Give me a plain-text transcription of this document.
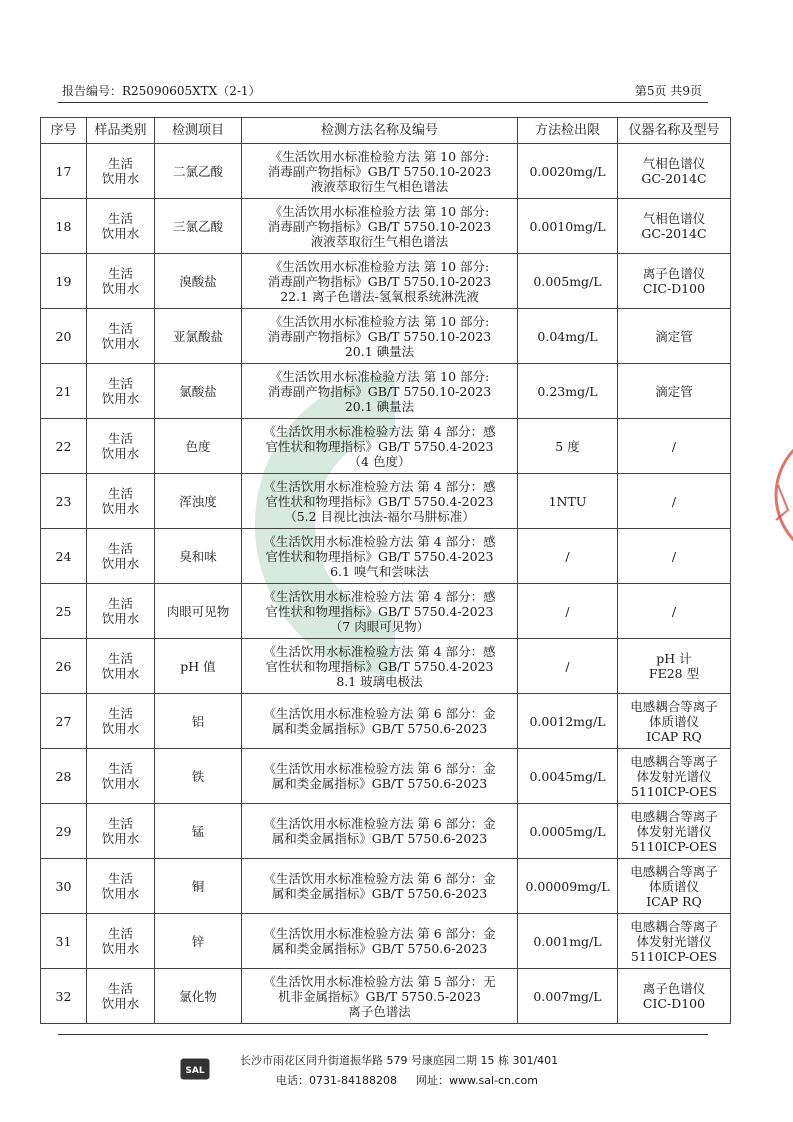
报告编号：R25090605XTX（2-1）	第5页 共9页
序号	样品类别	检测项目	检测方法名称及编号	方法检出限	仪器名称及型号
17	生活
饮用水	二氯乙酸	《生活饮用水标准检验方法 第 10 部分:
消毒副产物指标》GB/T 5750.10-2023
液液萃取衍生气相色谱法	0.0020mg/L	气相色谱仪
GC-2014C
18	生活
饮用水	三氯乙酸	《生活饮用水标准检验方法 第 10 部分:
消毒副产物指标》GB/T 5750.10-2023
液液萃取衍生气相色谱法	0.0010mg/L	气相色谱仪
GC-2014C
19	生活
饮用水	溴酸盐	《生活饮用水标准检验方法 第 10 部分:
消毒副产物指标》GB/T 5750.10-2023
22.1 离子色谱法-氢氧根系统淋洗液	0.005mg/L	离子色谱仪
CIC-D100
20	生活
饮用水	亚氯酸盐	《生活饮用水标准检验方法 第 10 部分:
消毒副产物指标》GB/T 5750.10-2023
20.1 碘量法	0.04mg/L	滴定管
21	生活
饮用水	氯酸盐	《生活饮用水标准检验方法 第 10 部分:
消毒副产物指标》GB/T 5750.10-2023
20.1 碘量法	0.23mg/L	滴定管
22	生活
饮用水	色度	《生活饮用水标准检验方法 第 4 部分：感
官性状和物理指标》GB/T 5750.4-2023
（4 色度）	5 度	/
23	生活
饮用水	浑浊度	《生活饮用水标准检验方法 第 4 部分：感
官性状和物理指标》GB/T 5750.4-2023
（5.2 目视比浊法-福尔马肼标准）	1NTU	/
24	生活
饮用水	臭和味	《生活饮用水标准检验方法 第 4 部分：感
官性状和物理指标》GB/T 5750.4-2023
6.1 嗅气和尝味法	/	/
25	生活
饮用水	肉眼可见物	《生活饮用水标准检验方法 第 4 部分：感
官性状和物理指标》GB/T 5750.4-2023
（7 肉眼可见物）	/	/
26	生活
饮用水	pH 值	《生活饮用水标准检验方法 第 4 部分：感
官性状和物理指标》GB/T 5750.4-2023
8.1 玻璃电极法	/	pH 计
FE28 型
27	生活
饮用水	铝	《生活饮用水标准检验方法 第 6 部分：金
属和类金属指标》GB/T 5750.6-2023	0.0012mg/L	电感耦合等离子
体质谱仪
ICAP RQ
28	生活
饮用水	铁	《生活饮用水标准检验方法 第 6 部分：金
属和类金属指标》GB/T 5750.6-2023	0.0045mg/L	电感耦合等离子
体发射光谱仪
5110ICP-OES
29	生活
饮用水	锰	《生活饮用水标准检验方法 第 6 部分：金
属和类金属指标》GB/T 5750.6-2023	0.0005mg/L	电感耦合等离子
体发射光谱仪
5110ICP-OES
30	生活
饮用水	铜	《生活饮用水标准检验方法 第 6 部分：金
属和类金属指标》GB/T 5750.6-2023	0.00009mg/L	电感耦合等离子
体质谱仪
ICAP RQ
31	生活
饮用水	锌	《生活饮用水标准检验方法 第 6 部分：金
属和类金属指标》GB/T 5750.6-2023	0.001mg/L	电感耦合等离子
体发射光谱仪
5110ICP-OES
32	生活
饮用水	氯化物	《生活饮用水标准检验方法 第 5 部分：无
机非金属指标》GB/T 5750.5-2023
离子色谱法	0.007mg/L	离子色谱仪
CIC-D100
SAL
长沙市雨花区同升街道振华路 579 号康庭园二期 15 栋 301/401
电话：0731-84188208 网址：www.sal-cn.com
